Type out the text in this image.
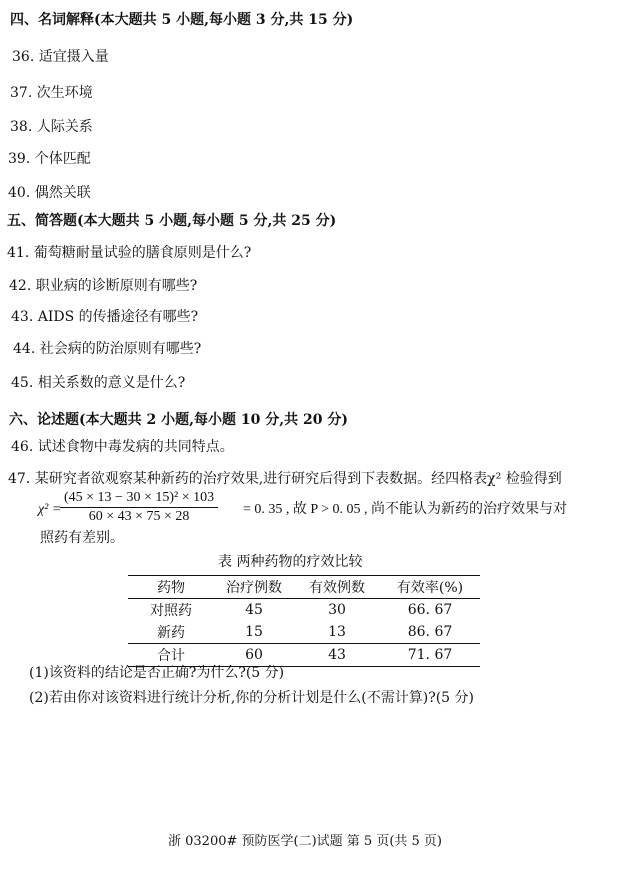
四、名词解释(本大题共 5 小题,每小题 3 分,共 15 分)
36. 适宜摄入量
37. 次生环境
38. 人际关系
39. 个体匹配
40. 偶然关联
五、简答题(本大题共 5 小题,每小题 5 分,共 25 分)
41. 葡萄糖耐量试验的膳食原则是什么?
42. 职业病的诊断原则有哪些?
43. AIDS 的传播途径有哪些?
44. 社会病的防治原则有哪些?
45. 相关系数的意义是什么?
六、论述题(本大题共 2 小题,每小题 10 分,共 20 分)
46. 试述食物中毒发病的共同特点。
47. 某研究者欲观察某种新药的治疗效果,进行研究后得到下表数据。经四格表χ² 检验得到
χ² =
$\frac{\text{(45 × 13 − 30 × 15)² × 103}}{60 \times 43 \times 75 \times 28} = 0$. 35 , 故 P > 0. 05 , 尚不能认为新药的治疗效果与对
照药有差别。
表 两种药物的疗效比较
药物	治疗例数	有效例数	有效率(%)
对照药	45	30	66. 67
新药	15	13	86. 67
合计	60	43	71. 67
(1)该资料的结论是否正确?为什么?(5 分)
(2)若由你对该资料进行统计分析,你的分析计划是什么(不需计算)?(5 分)
浙 03200# 预防医学(二)试题 第 5 页(共 5 页)
